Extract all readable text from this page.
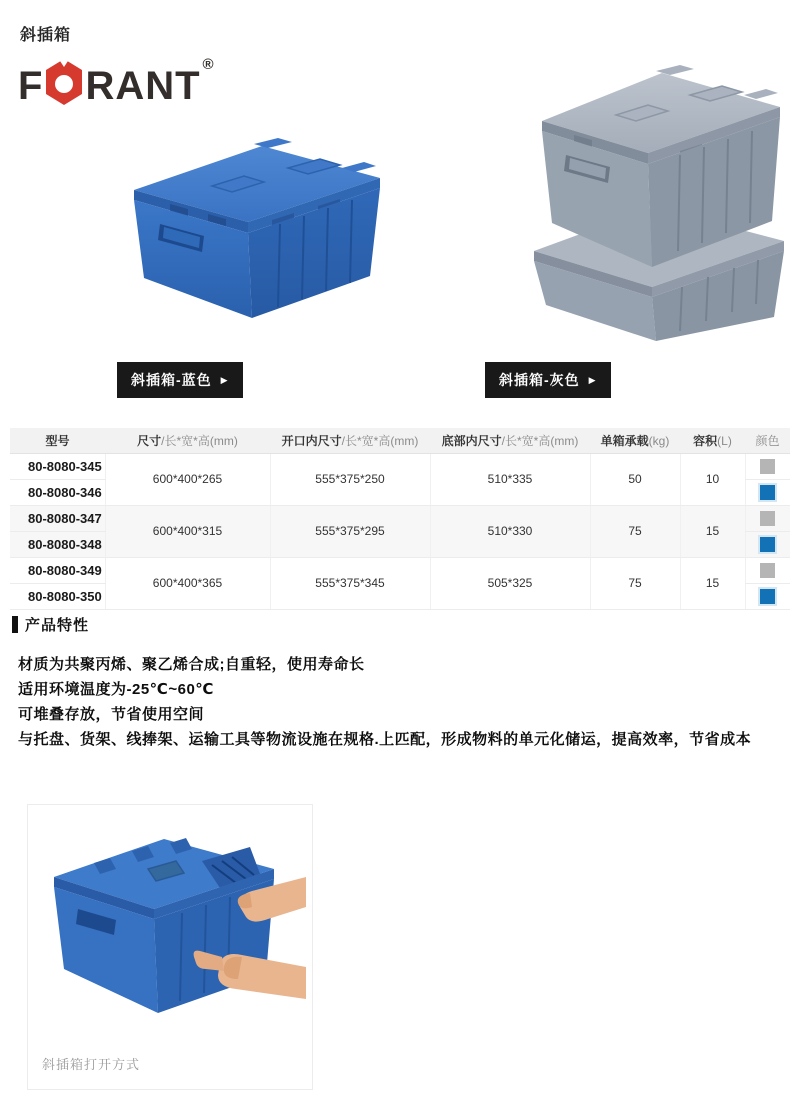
斜插箱
F RANT ®
斜插箱-蓝色 ▶	斜插箱-灰色 ▶
型号	尺寸/长*宽*高(mm)	开口内尺寸/长*宽*高(mm)	底部内尺寸/长*宽*高(mm)	单箱承载(kg)	容积(L)	颜色
80-8080-345	600*400*265	555*375*250	510*335	50	10	
80-8080-346						
80-8080-347	600*400*315	555*375*295	510*330	75	15	
80-8080-348						
80-8080-349	600*400*365	555*375*345	505*325	75	15	
80-8080-350						
产品特性
材质为共聚丙烯、聚乙烯合成;自重轻，使用寿命长
适用环境温度为-25℃~60℃
可堆叠存放，节省使用空间
与托盘、货架、线捧架、运输工具等物流设施在规格.上匹配，形成物料的单元化储运，提高效率，节省成本
斜插箱打开方式
